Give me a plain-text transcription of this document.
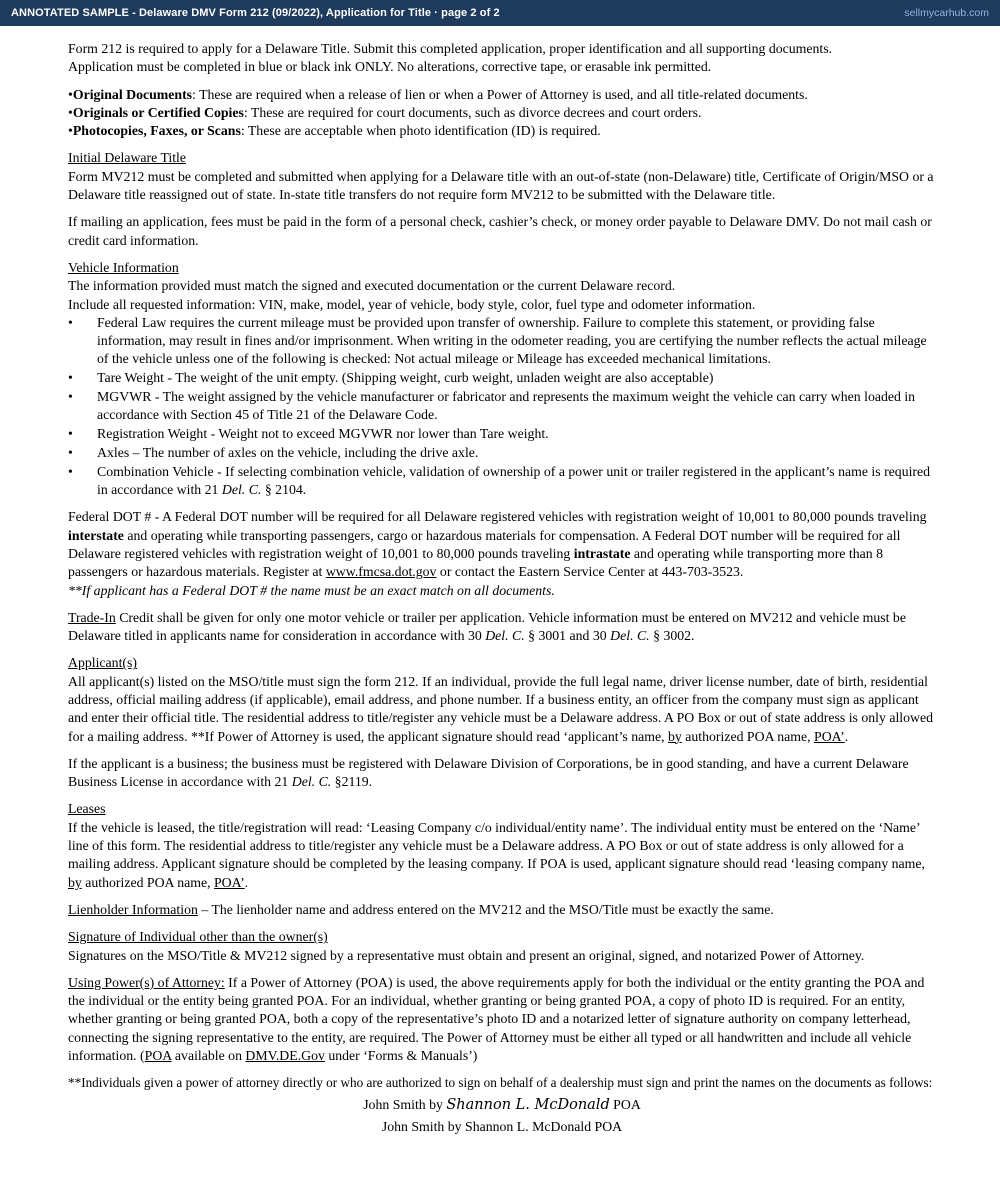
ANNOTATED SAMPLE - Delaware DMV Form 212 (09/2022), Application for Title · page 2 of 2	sellmycarhub.com

Form 212 is required to apply for a Delaware Title. Submit this completed application, proper identification and all supporting documents.
Application must be completed in blue or black ink ONLY. No alterations, corrective tape, or erasable ink permitted.

•Original Documents: These are required when a release of lien or when a Power of Attorney is used, and all title-related documents.
•Originals or Certified Copies: These are required for court documents, such as divorce decrees and court orders.
•Photocopies, Faxes, or Scans: These are acceptable when photo identification (ID) is required.

Initial Delaware Title
Form MV212 must be completed and submitted when applying for a Delaware title with an out-of-state (non-Delaware) title, Certificate of Origin/MSO or a Delaware title reassigned out of state. In-state title transfers do not require form MV212 to be submitted with the Delaware title.

If mailing an application, fees must be paid in the form of a personal check, cashier’s check, or money order payable to Delaware DMV. Do not mail cash or credit card information.

Vehicle Information
The information provided must match the signed and executed documentation or the current Delaware record.
Include all requested information: VIN, make, model, year of vehicle, body style, color, fuel type and odometer information.

• Federal Law requires the current mileage must be provided upon transfer of ownership. Failure to complete this statement, or providing false information, may result in fines and/or imprisonment. When writing in the odometer reading, you are certifying the number reflects the actual mileage of the vehicle unless one of the following is checked: Not actual mileage or Mileage has exceeded mechanical limitations.
• Tare Weight - The weight of the unit empty. (Shipping weight, curb weight, unladen weight are also acceptable)
• MGVWR - The weight assigned by the vehicle manufacturer or fabricator and represents the maximum weight the vehicle can carry when loaded in accordance with Section 45 of Title 21 of the Delaware Code.
• Registration Weight - Weight not to exceed MGVWR nor lower than Tare weight.
• Axles – The number of axles on the vehicle, including the drive axle.
• Combination Vehicle - If selecting combination vehicle, validation of ownership of a power unit or trailer registered in the applicant’s name is required in accordance with 21 Del. C. § 2104.

Federal DOT # - A Federal DOT number will be required for all Delaware registered vehicles with registration weight of 10,001 to 80,000 pounds traveling interstate and operating while transporting passengers, cargo or hazardous materials for compensation. A Federal DOT number will be required for all Delaware registered vehicles with registration weight of 10,001 to 80,000 pounds traveling intrastate and operating while transporting more than 8 passengers or hazardous materials. Register at www.fmcsa.dot.gov or contact the Eastern Service Center at 443-703-3523.
**If applicant has a Federal DOT # the name must be an exact match on all documents.

Trade-In Credit shall be given for only one motor vehicle or trailer per application. Vehicle information must be entered on MV212 and vehicle must be Delaware titled in applicants name for consideration in accordance with 30 Del. C. § 3001 and 30 Del. C. § 3002.

Applicant(s)
All applicant(s) listed on the MSO/title must sign the form 212. If an individual, provide the full legal name, driver license number, date of birth, residential address, official mailing address (if applicable), email address, and phone number. If a business entity, an officer from the company must sign as applicant and enter their official title. The residential address to title/register any vehicle must be a Delaware address. A PO Box or out of state address is only allowed for a mailing address. **If Power of Attorney is used, the applicant signature should read ‘applicant’s name, by authorized POA name, POA’.

If the applicant is a business; the business must be registered with Delaware Division of Corporations, be in good standing, and have a current Delaware Business License in accordance with 21 Del. C. §2119.

Leases
If the vehicle is leased, the title/registration will read: ‘Leasing Company c/o individual/entity name’. The individual entity must be entered on the ‘Name’ line of this form. The residential address to title/register any vehicle must be a Delaware address. A PO Box or out of state address is only allowed for a mailing address. Applicant signature should be completed by the leasing company. If POA is used, applicant signature should read ‘leasing company name, by authorized POA name, POA’.

Lienholder Information – The lienholder name and address entered on the MV212 and the MSO/Title must be exactly the same.

Signature of Individual other than the owner(s)
Signatures on the MSO/Title & MV212 signed by a representative must obtain and present an original, signed, and notarized Power of Attorney.

Using Power(s) of Attorney: If a Power of Attorney (POA) is used, the above requirements apply for both the individual or the entity granting the POA and the individual or the entity being granted POA. For an individual, whether granting or being granted POA, a copy of photo ID is required. For an entity, whether granting or being granted POA, both a copy of the representative’s photo ID and a notarized letter of signature authority on company letterhead, connecting the signing representative to the entity, are required. The Power of Attorney must be either all typed or all handwritten and include all vehicle information. (POA available on DMV.DE.Gov under ‘Forms & Manuals’)

**Individuals given a power of attorney directly or who are authorized to sign on behalf of a dealership must sign and print the names on the documents as follows:

John Smith by Shannon L. McDonald POA
John Smith by Shannon L. McDonald POA
